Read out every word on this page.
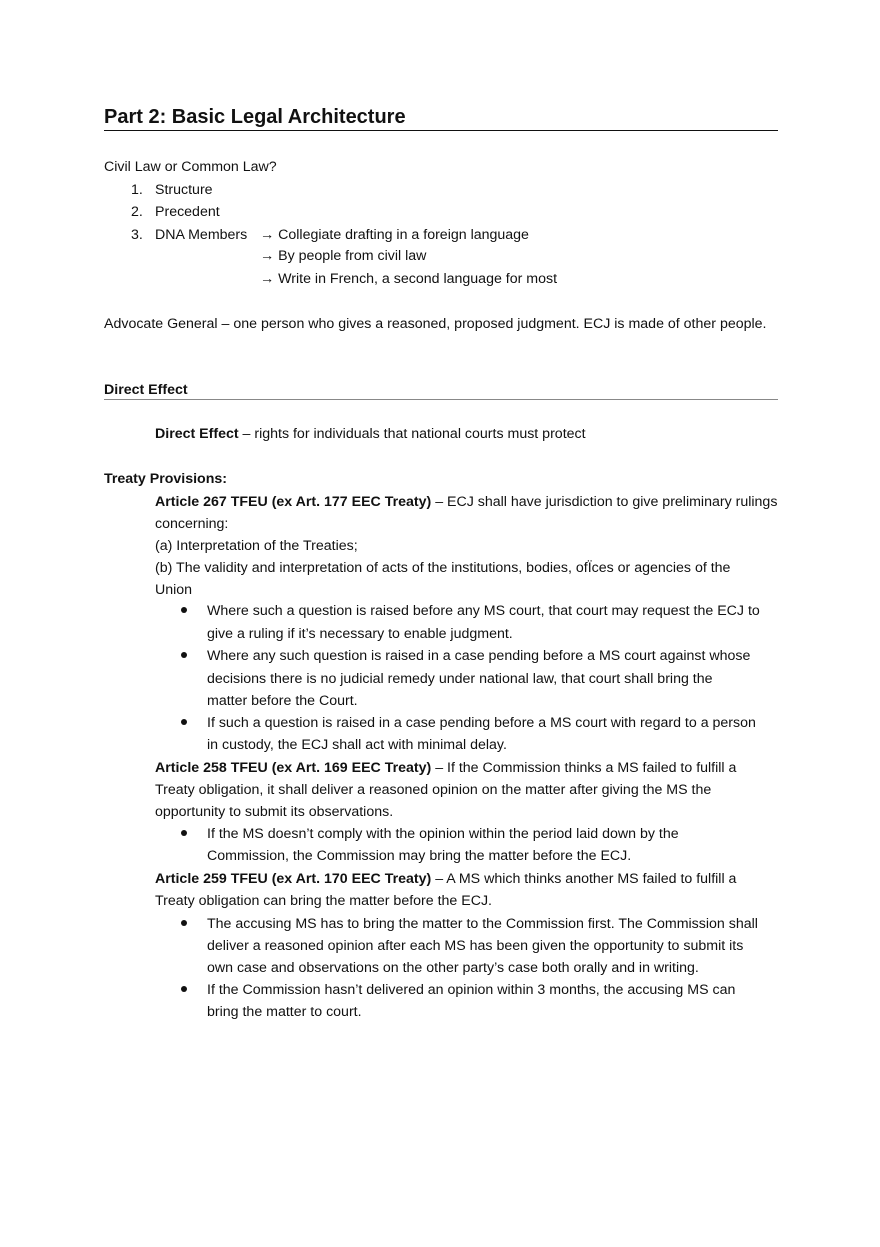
Part 2: Basic Legal Architecture
Civil Law or Common Law?
1. Structure
2. Precedent
3. DNA Members → Collegiate drafting in a foreign language
→ By people from civil law
→ Write in French, a second language for most
Advocate General – one person who gives a reasoned, proposed judgment. ECJ is made of other people.
Direct Effect
Direct Effect – rights for individuals that national courts must protect
Treaty Provisions:
Article 267 TFEU (ex Art. 177 EEC Treaty) – ECJ shall have jurisdiction to give preliminary rulings
concerning:
(a) Interpretation of the Treaties;
(b) The validity and interpretation of acts of the institutions, bodies, ofÏces or agencies of the
Union
Where such a question is raised before any MS court, that court may request the ECJ to
give a ruling if it’s necessary to enable judgment.
Where any such question is raised in a case pending before a MS court against whose
decisions there is no judicial remedy under national law, that court shall bring the
matter before the Court.
If such a question is raised in a case pending before a MS court with regard to a person
in custody, the ECJ shall act with minimal delay.
Article 258 TFEU (ex Art. 169 EEC Treaty) – If the Commission thinks a MS failed to fulfill a
Treaty obligation, it shall deliver a reasoned opinion on the matter after giving the MS the
opportunity to submit its observations.
If the MS doesn’t comply with the opinion within the period laid down by the
Commission, the Commission may bring the matter before the ECJ.
Article 259 TFEU (ex Art. 170 EEC Treaty) – A MS which thinks another MS failed to fulfill a
Treaty obligation can bring the matter before the ECJ.
The accusing MS has to bring the matter to the Commission first. The Commission shall
deliver a reasoned opinion after each MS has been given the opportunity to submit its
own case and observations on the other party’s case both orally and in writing.
If the Commission hasn’t delivered an opinion within 3 months, the accusing MS can
bring the matter to court.
